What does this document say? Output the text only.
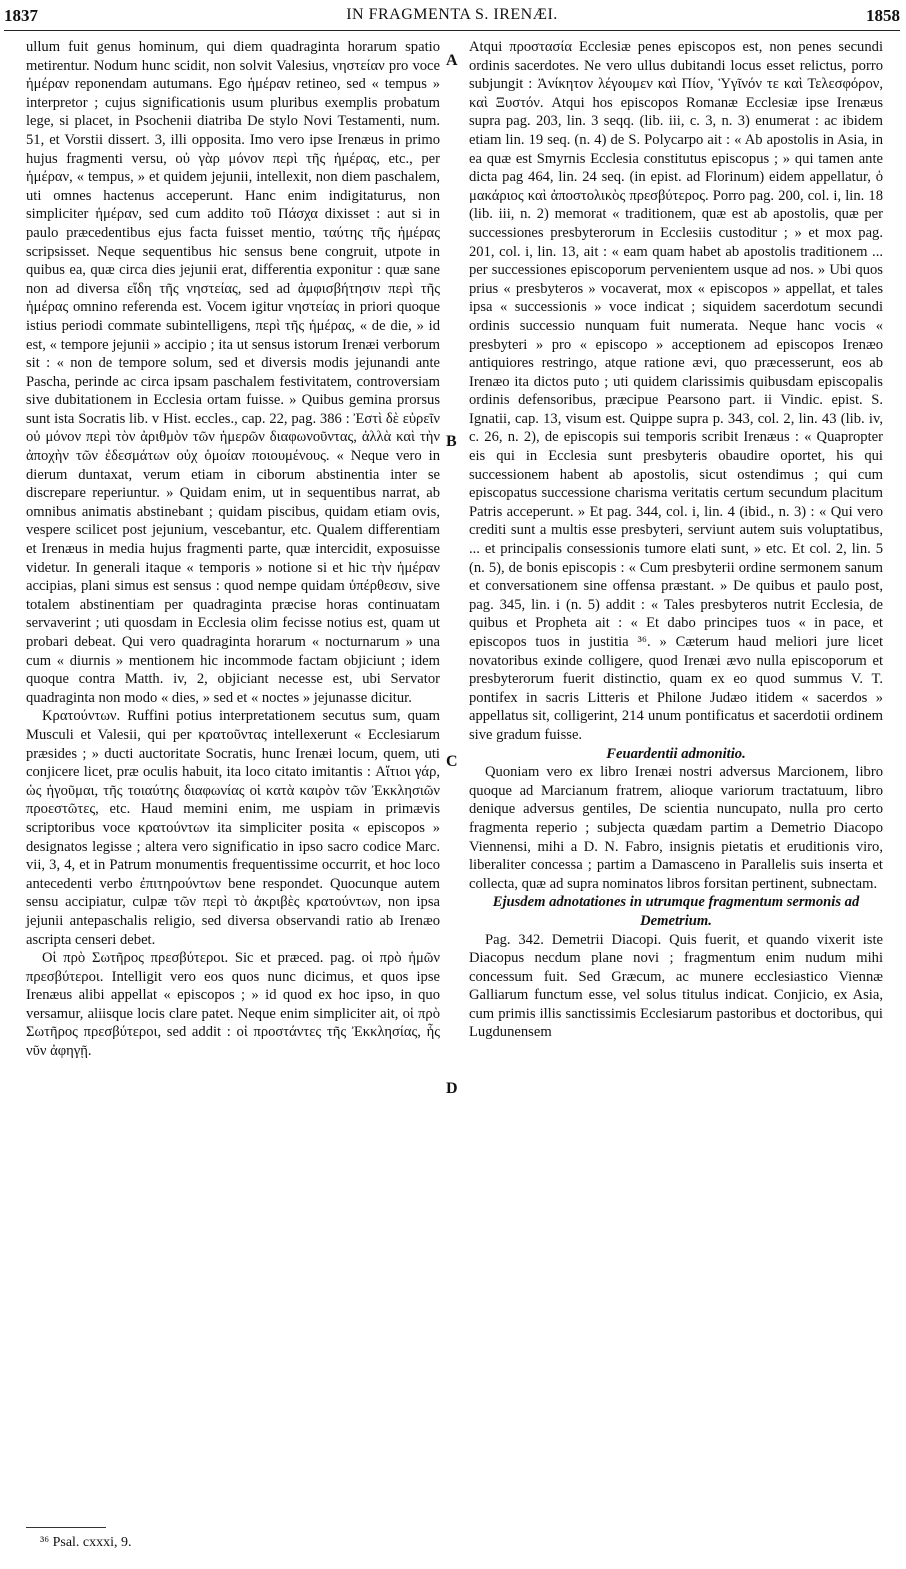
1837	IN FRAGMENTA S. IRENÆI.	1858

ullum fuit genus hominum, qui diem quadraginta horarum spatio metirentur. Nodum hunc scidit, non solvit Valesius, νηστείαν pro voce ἡμέραν reponendam autumans. Ego ἡμέραν retineo, sed « tempus » interpretor ; cujus significationis usum pluribus exemplis probatum lege, si placet, in Psochenii diatriba De stylo Novi Testamenti, num. 51, et Vorstii dissert. 3, illi opposita. Imo vero ipse Irenæus in primo hujus fragmenti versu, οὐ γὰρ μόνον περὶ τῆς ἡμέρας, etc., per ἡμέραν, « tempus, » et quidem jejunii, intellexit, non diem paschalem, uti omnes hactenus acceperunt. Hanc enim indigitaturus, non simpliciter ἡμέραν, sed cum addito τοῦ Πάσχα dixisset : aut si in paulo præcedentibus ejus facta fuisset mentio, ταύτης τῆς ἡμέρας scripsisset. Neque sequentibus hic sensus bene congruit, utpote in quibus ea, quæ circa dies jejunii erat, differentia exponitur : quæ sane non ad diversa εἴδη τῆς νηστείας, sed ad ἀμφισβήτησιν περὶ τῆς ἡμέρας omnino referenda est. Vocem igitur νηστείας in priori quoque istius periodi commate subintelligens, περὶ τῆς ἡμέρας, « de die, » id est, « tempore jejunii » accipio ; ita ut sensus istorum Irenæi verborum sit : « non de tempore solum, sed et diversis modis jejunandi ante Pascha, perinde ac circa ipsam paschalem festivitatem, controversiam sive dubitationem in Ecclesia ortam fuisse. » Quibus gemina prorsus sunt ista Socratis lib. v Hist. eccles., cap. 22, pag. 386 : Ἐστὶ δὲ εὑρεῖν οὐ μόνον περὶ τὸν ἀριθμὸν τῶν ἡμερῶν διαφωνοῦντας, ἀλλὰ καὶ τὴν ἀποχὴν τῶν ἐδεσμάτων οὐχ ὁμοίαν ποιουμένους. « Neque vero in dierum duntaxat, verum etiam in ciborum abstinentia inter se discrepare reperiuntur. » Quidam enim, ut in sequentibus narrat, ab omnibus animatis abstinebant ; quidam piscibus, quidam etiam ovis, vespere scilicet post jejunium, vescebantur, etc. Qualem differentiam et Irenæus in media hujus fragmenti parte, quæ intercidit, exposuisse videtur. In generali itaque « temporis » notione si et hic τὴν ἡμέραν accipias, plani simus est sensus : quod nempe quidam ὑπέρθεσιν, sive totalem abstinentiam per quadraginta præcise horas continuatam servaverint ; uti quosdam in Ecclesia olim fecisse notius est, quam ut probari debeat. Qui vero quadraginta horarum « nocturnarum » una cum « diurnis » mentionem hic incommode factam objiciunt ; idem quoque contra Matth. iv, 2, objiciant necesse est, ubi Servator quadraginta non modo « dies, » sed et « noctes » jejunasse dicitur.

Κρατούντων. Ruffini potius interpretationem secutus sum, quam Musculi et Valesii, qui per κρατοῦντας intellexerunt « Ecclesiarum præsides ; » ducti auctoritate Socratis, hunc Irenæi locum, quem, uti conjicere licet, præ oculis habuit, ita loco citato imitantis : Αἴτιοι γάρ, ὡς ἡγοῦμαι, τῆς τοιαύτης διαφωνίας οἱ κατὰ καιρὸν τῶν Ἐκκλησιῶν προεστῶτες, etc. Haud memini enim, me uspiam in primævis scriptoribus voce κρατούντων ita simpliciter posita « episcopos » designatos legisse ; altera vero significatio in ipso sacro codice Marc. vii, 3, 4, et in Patrum monumentis frequentissime occurrit, et hoc loco antecedenti verbo ἐπιτηρούντων bene respondet. Quocunque autem sensu accipiatur, culpæ τῶν περὶ τὸ ἀκριβὲς κρατούντων, non ipsa jejunii antepaschalis religio, sed diversa observandi ratio ab Irenæo ascripta censeri debet.

Οἱ πρὸ Σωτῆρος πρεσβύτεροι. Sic et præced. pag. οἱ πρὸ ἡμῶν πρεσβύτεροι. Intelligit vero eos quos nunc dicimus, et quos ipse Irenæus alibi appellat « episcopos ; » id quod ex hoc ipso, in quo versamur, aliisque locis clare patet. Neque enim simpliciter ait, οἱ πρὸ Σωτῆρος πρεσβύτεροι, sed addit : οἱ προστάντες τῆς Ἐκκλησίας, ἧς νῦν ἀφηγῇ.

A
B
C
D

Atqui προστασία Ecclesiæ penes episcopos est, non penes secundi ordinis sacerdotes. Ne vero ullus dubitandi locus esset relictus, porro subjungit : Ἀνίκητον λέγουμεν καὶ Πίον, Ὑγῖνόν τε καὶ Τελεσφόρον, καὶ Ξυστόν. Atqui hos episcopos Romanæ Ecclesiæ ipse Irenæus supra pag. 203, lin. 3 seqq. (lib. iii, c. 3, n. 3) enumerat : ac ibidem etiam lin. 19 seq. (n. 4) de S. Polycarpo ait : « Ab apostolis in Asia, in ea quæ est Smyrnis Ecclesia constitutus episcopus ; » qui tamen ante dicta pag 464, lin. 24 seq. (in epist. ad Florinum) eidem appellatur, ὁ μακάριος καὶ ἀποστολικὸς πρεσβύτερος. Porro pag. 200, col. i, lin. 18 (lib. iii, n. 2) memorat « traditionem, quæ est ab apostolis, quæ per successiones presbyterorum in Ecclesiis custoditur ; » et mox pag. 201, col. i, lin. 13, ait : « eam quam habet ab apostolis traditionem ... per successiones episcoporum pervenientem usque ad nos. » Ubi quos prius « presbyteros » vocaverat, mox « episcopos » appellat, et tales ipsa « successionis » voce indicat ; siquidem sacerdotum secundi ordinis successio nunquam fuit numerata. Neque hanc vocis « presbyteri » pro « episcopo » acceptionem ad episcopos Irenæo antiquiores restringo, atque ratione ævi, quo præcesserunt, eos ab Irenæo ita dictos puto ; uti quidem clarissimis quibusdam episcopalis ordinis defensoribus, præcipue Pearsono part. ii Vindic. epist. S. Ignatii, cap. 13, visum est. Quippe supra p. 343, col. 2, lin. 43 (lib. iv, c. 26, n. 2), de episcopis sui temporis scribit Irenæus : « Quapropter eis qui in Ecclesia sunt presbyteris obaudire oportet, his qui successionem habent ab apostolis, sicut ostendimus ; qui cum episcopatus successione charisma veritatis certum secundum placitum Patris acceperunt. » Et pag. 344, col. i, lin. 4 (ibid., n. 3) : « Qui vero crediti sunt a multis esse presbyteri, serviunt autem suis voluptatibus, ... et principalis consessionis tumore elati sunt, » etc. Et col. 2, lin. 5 (n. 5), de bonis episcopis : « Cum presbyterii ordine sermonem sanum et conversationem sine offensa præstant. » De quibus et paulo post, pag. 345, lin. i (n. 5) addit : « Tales presbyteros nutrit Ecclesia, de quibus et Propheta ait : « Et dabo principes tuos « in pace, et episcopos tuos in justitia ³⁶. » Cæterum haud meliori jure licet novatoribus exinde colligere, quod Irenæi ævo nulla episcoporum et presbyterorum fuerit distinctio, quam ex eo quod summus V. T. pontifex in sacris Litteris et Philone Judæo itidem « sacerdos » appellatus sit, colligerint, 214 unum pontificatus et sacerdotii ordinem sive gradum fuisse.

Feuardentii admonitio.

Quoniam vero ex libro Irenæi nostri adversus Marcionem, libro quoque ad Marcianum fratrem, alioque variorum tractatuum, libro denique adversus gentiles, De scientia nuncupato, nulla pro certo fragmenta reperio ; subjecta quædam partim a Demetrio Diacopo Viennensi, mihi a D. N. Fabro, insignis pietatis et eruditionis viro, liberaliter concessa ; partim a Damasceno in Parallelis suis inserta et collecta, quæ ad supra nominatos libros forsitan pertinent, subnectam.

Ejusdem adnotationes in utrumque fragmentum sermonis ad Demetrium.

Pag. 342. Demetrii Diacopi. Quis fuerit, et quando vixerit iste Diacopus necdum plane novi ; fragmentum enim nudum mihi concessum fuit. Sed Græcum, ac munere ecclesiastico Viennæ Galliarum functum esse, vel solus titulus indicat. Conjicio, ex Asia, cum primis illis sanctissimis Ecclesiarum pastoribus et doctoribus, qui Lugdunensem

³⁶ Psal. cxxxi, 9.
